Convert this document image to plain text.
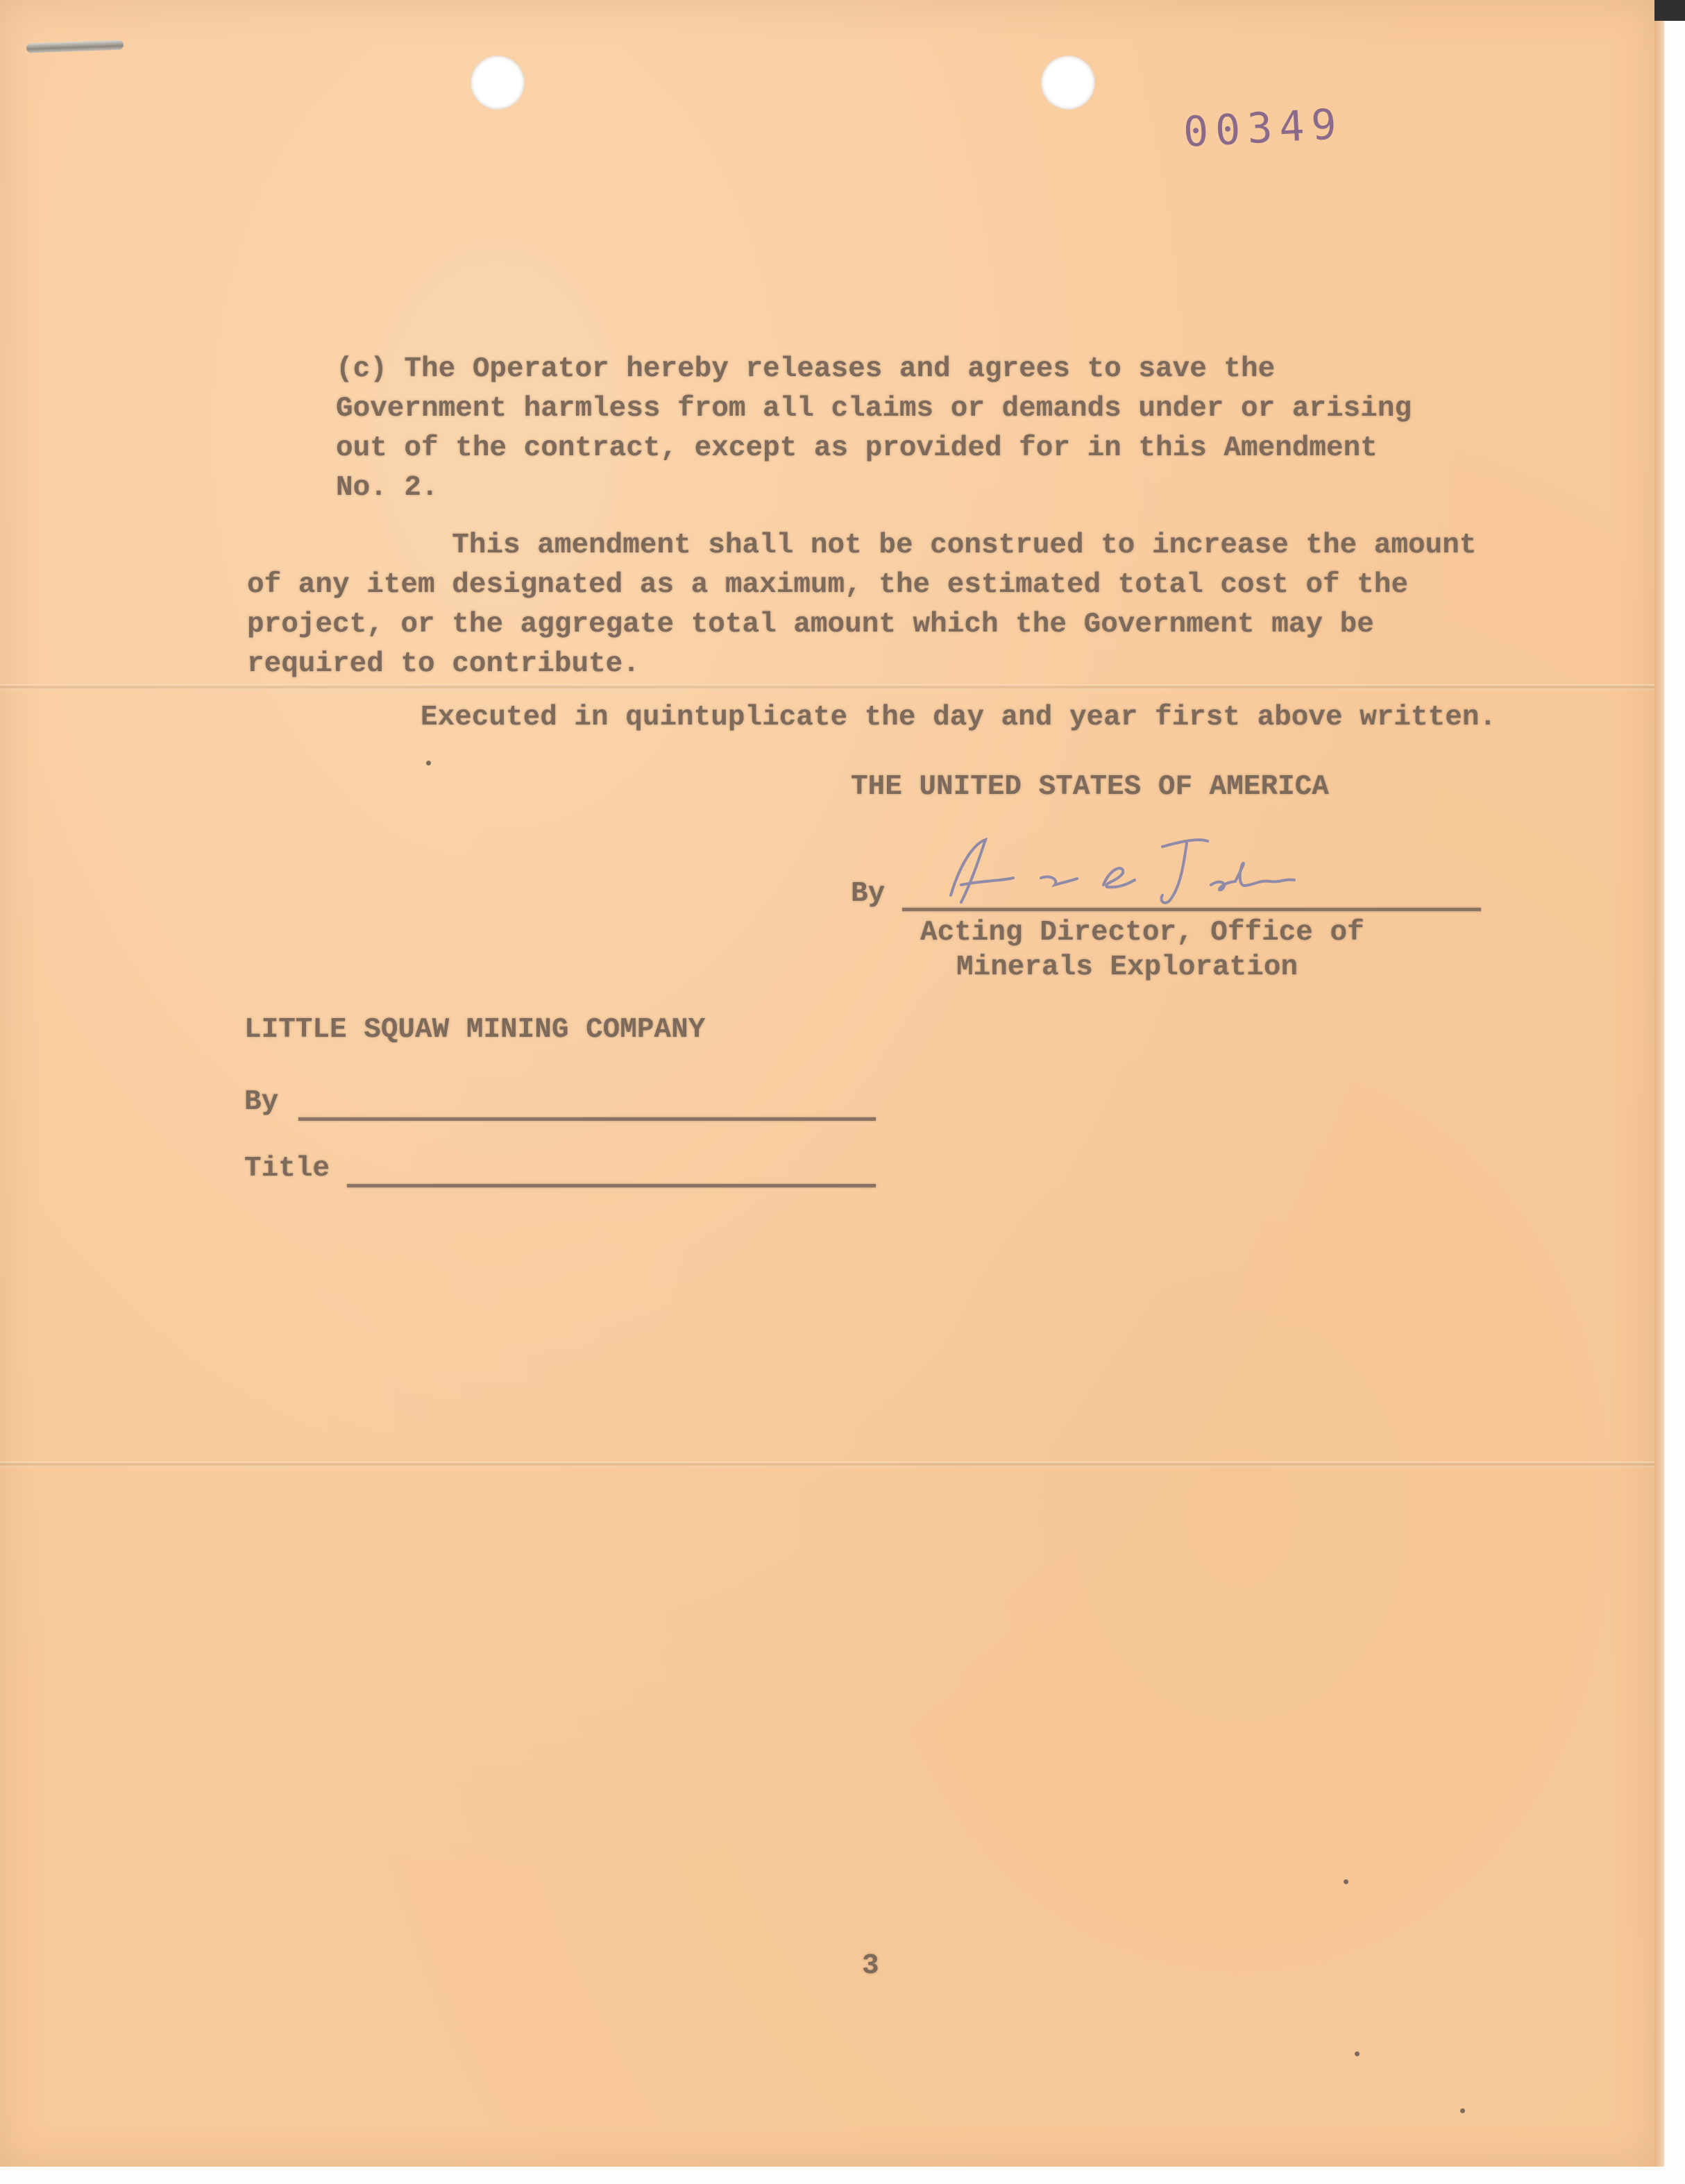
00349
(c) The Operator hereby releases and agrees to save the
Government harmless from all claims or demands under or arising
out of the contract, except as provided for in this Amendment
No. 2.
This amendment shall not be construed to increase the amount
of any item designated as a maximum, the estimated total cost of the
project, or the aggregate total amount which the Government may be
required to contribute.
Executed in quintuplicate the day and year first above written.
THE UNITED STATES OF AMERICA
By
Acting Director, Office of
Minerals Exploration
LITTLE SQUAW MINING COMPANY
By
Title
3
